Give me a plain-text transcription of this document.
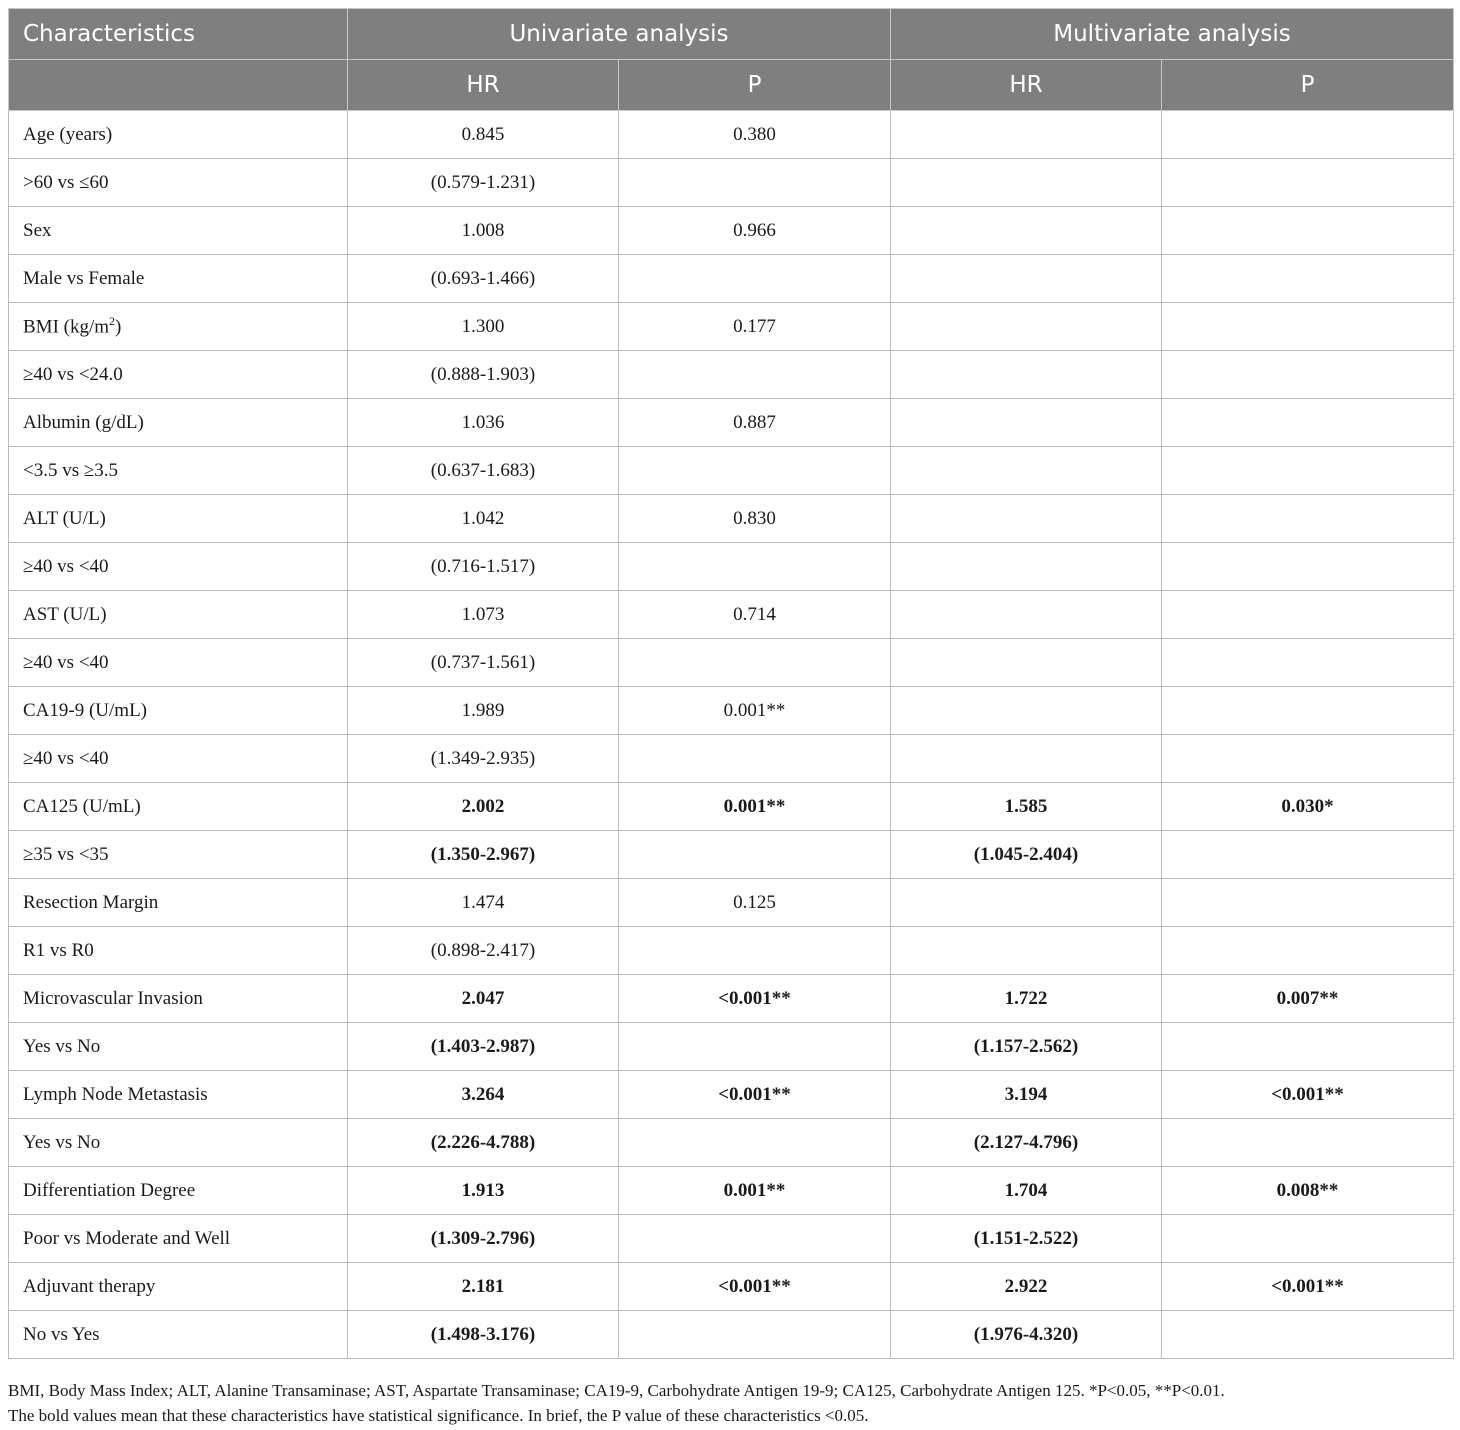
Characteristics	Univariate analysis		Multivariate analysis	
	HR	P	HR	P
Age (years)	0.845	0.380		
>60 vs ≤60	(0.579-1.231)			
Sex	1.008	0.966		
Male vs Female	(0.693-1.466)			
BMI $(kg/m^2)$	1.300	0.177		
≥40 vs <24.0	(0.888-1.903)			
Albumin (g/dL)	1.036	0.887		
<3.5 vs ≥3.5	(0.637-1.683)			
ALT (U/L)	1.042	0.830		
≥40 vs <40	(0.716-1.517)			
AST (U/L)	1.073	0.714		
≥40 vs <40	(0.737-1.561)			
CA19-9 (U/mL)	1.989	0.001**		
≥40 vs <40	(1.349-2.935)			
CA125 (U/mL)	2.002	0.001**	1.585	0.030*
≥35 vs <35	(1.350-2.967)		(1.045-2.404)	
Resection Margin	1.474	0.125		
R1 vs R0	(0.898-2.417)			
Microvascular Invasion	2.047	<0.001**	1.722	0.007**
Yes vs No	(1.403-2.987)		(1.157-2.562)	
Lymph Node Metastasis	3.264	<0.001**	3.194	<0.001**
Yes vs No	(2.226-4.788)		(2.127-4.796)	
Differentiation Degree	1.913	0.001**	1.704	0.008**
Poor vs Moderate and Well	(1.309-2.796)		(1.151-2.522)	
Adjuvant therapy	2.181	<0.001**	2.922	<0.001**
No vs Yes	(1.498-3.176)		(1.976-4.320)	
BMI, Body Mass Index; ALT, Alanine Transaminase; AST, Aspartate Transaminase; CA19-9, Carbohydrate Antigen 19-9; CA125, Carbohydrate Antigen 125. *P<0.05, **P<0.01.
The bold values mean that these characteristics have statistical significance. In brief, the P value of these characteristics <0.05.
